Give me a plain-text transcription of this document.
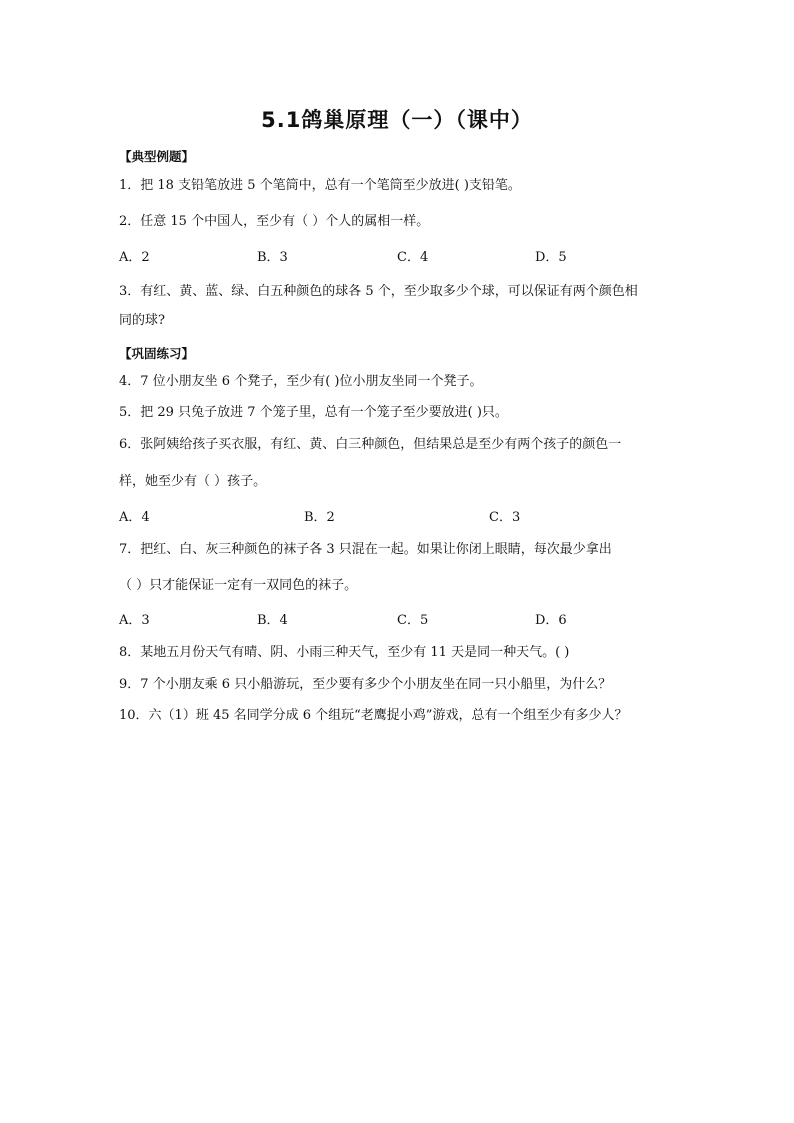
5.1鸽巢原理（一）（课中）
【典型例题】
1．把 18 支铅笔放进 5 个笔筒中，总有一个笔筒至少放进( )支铅笔。
2．任意 15 个中国人，至少有（ ）个人的属相一样。
A．2	B．3	C．4	D．5
3．有红、黄、蓝、绿、白五种颜色的球各 5 个，至少取多少个球，可以保证有两个颜色相
同的球?
【巩固练习】
4．7 位小朋友坐 6 个凳子，至少有( )位小朋友坐同一个凳子。
5．把 29 只兔子放进 7 个笼子里，总有一个笼子至少要放进( )只。
6．张阿姨给孩子买衣服，有红、黄、白三种颜色，但结果总是至少有两个孩子的颜色一
样，她至少有（ ）孩子。
A．4	B．2	C．3
7．把红、白、灰三种颜色的袜子各 3 只混在一起。如果让你闭上眼睛，每次最少拿出
（ ）只才能保证一定有一双同色的袜子。
A．3	B．4	C．5	D．6
8．某地五月份天气有晴、阴、小雨三种天气，至少有 11 天是同一种天气。( )
9．7 个小朋友乘 6 只小船游玩，至少要有多少个小朋友坐在同一只小船里，为什么？
10．六（1）班 45 名同学分成 6 个组玩“老鹰捉小鸡”游戏，总有一个组至少有多少人？
